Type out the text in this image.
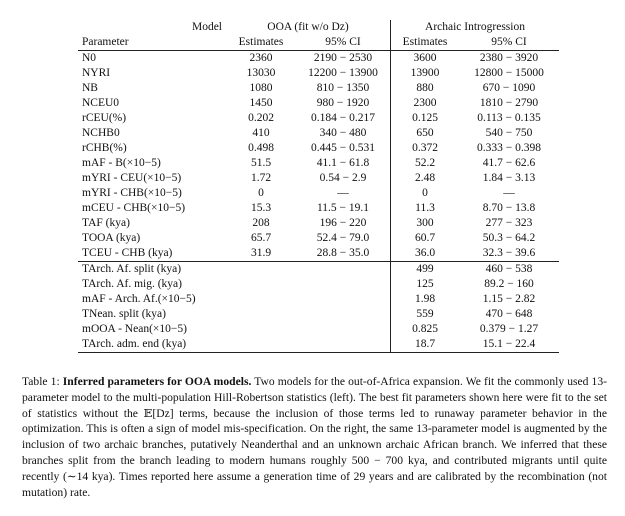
Model	OOA (fit w/o Dz)		Archaic Introgression	
Parameter	Estimates	95% CI	Estimates	95% CI
N0	2360	2190 − 2530	3600	2380 − 3920
NYRI	13030	12200 − 13900	13900	12800 − 15000
NB	1080	810 − 1350	880	670 − 1090
NCEU0	1450	980 − 1920	2300	1810 − 2790
rCEU(%)	0.202	0.184 − 0.217	0.125	0.113 − 0.135
NCHB0	410	340 − 480	650	540 − 750
rCHB(%)	0.498	0.445 − 0.531	0.372	0.333 − 0.398
mAF - B(×10−5)	51.5	41.1 − 61.8	52.2	41.7 − 62.6
mYRI - CEU(×10−5)	1.72	0.54 − 2.9	2.48	1.84 − 3.13
mYRI - CHB(×10−5)	0	—	0	—
mCEU - CHB(×10−5)	15.3	11.5 − 19.1	11.3	8.70 − 13.8
TAF (kya)	208	196 − 220	300	277 − 323
TOOA (kya)	65.7	52.4 − 79.0	60.7	50.3 − 64.2
TCEU - CHB (kya)	31.9	28.8 − 35.0	36.0	32.3 − 39.6
TArch. Af. split (kya)			499	460 − 538
TArch. Af. mig. (kya)			125	89.2 − 160
mAF - Arch. Af.(×10−5)			1.98	1.15 − 2.82
TNean. split (kya)			559	470 − 648
mOOA - Nean(×10−5)			0.825	0.379 − 1.27
TArch. adm. end (kya)			18.7	15.1 − 22.4
Table 1: Inferred parameters for OOA models. Two models for the out-of-Africa expansion. We fit the commonly used 13-parameter model to the multi-population Hill-Robertson statistics (left). The best fit parameters shown here were fit to the set of statistics without the 𝔼[Dz] terms, because the inclusion of those terms led to runaway parameter behavior in the optimization. This is often a sign of model mis-specification. On the right, the same 13-parameter model is augmented by the inclusion of two archaic branches, putatively Neanderthal and an unknown archaic African branch. We inferred that these branches split from the branch leading to modern humans roughly 500 − 700 kya, and contributed migrants until quite recently (∼14 kya). Times reported here assume a generation time of 29 years and are calibrated by the recombination (not mutation) rate.
